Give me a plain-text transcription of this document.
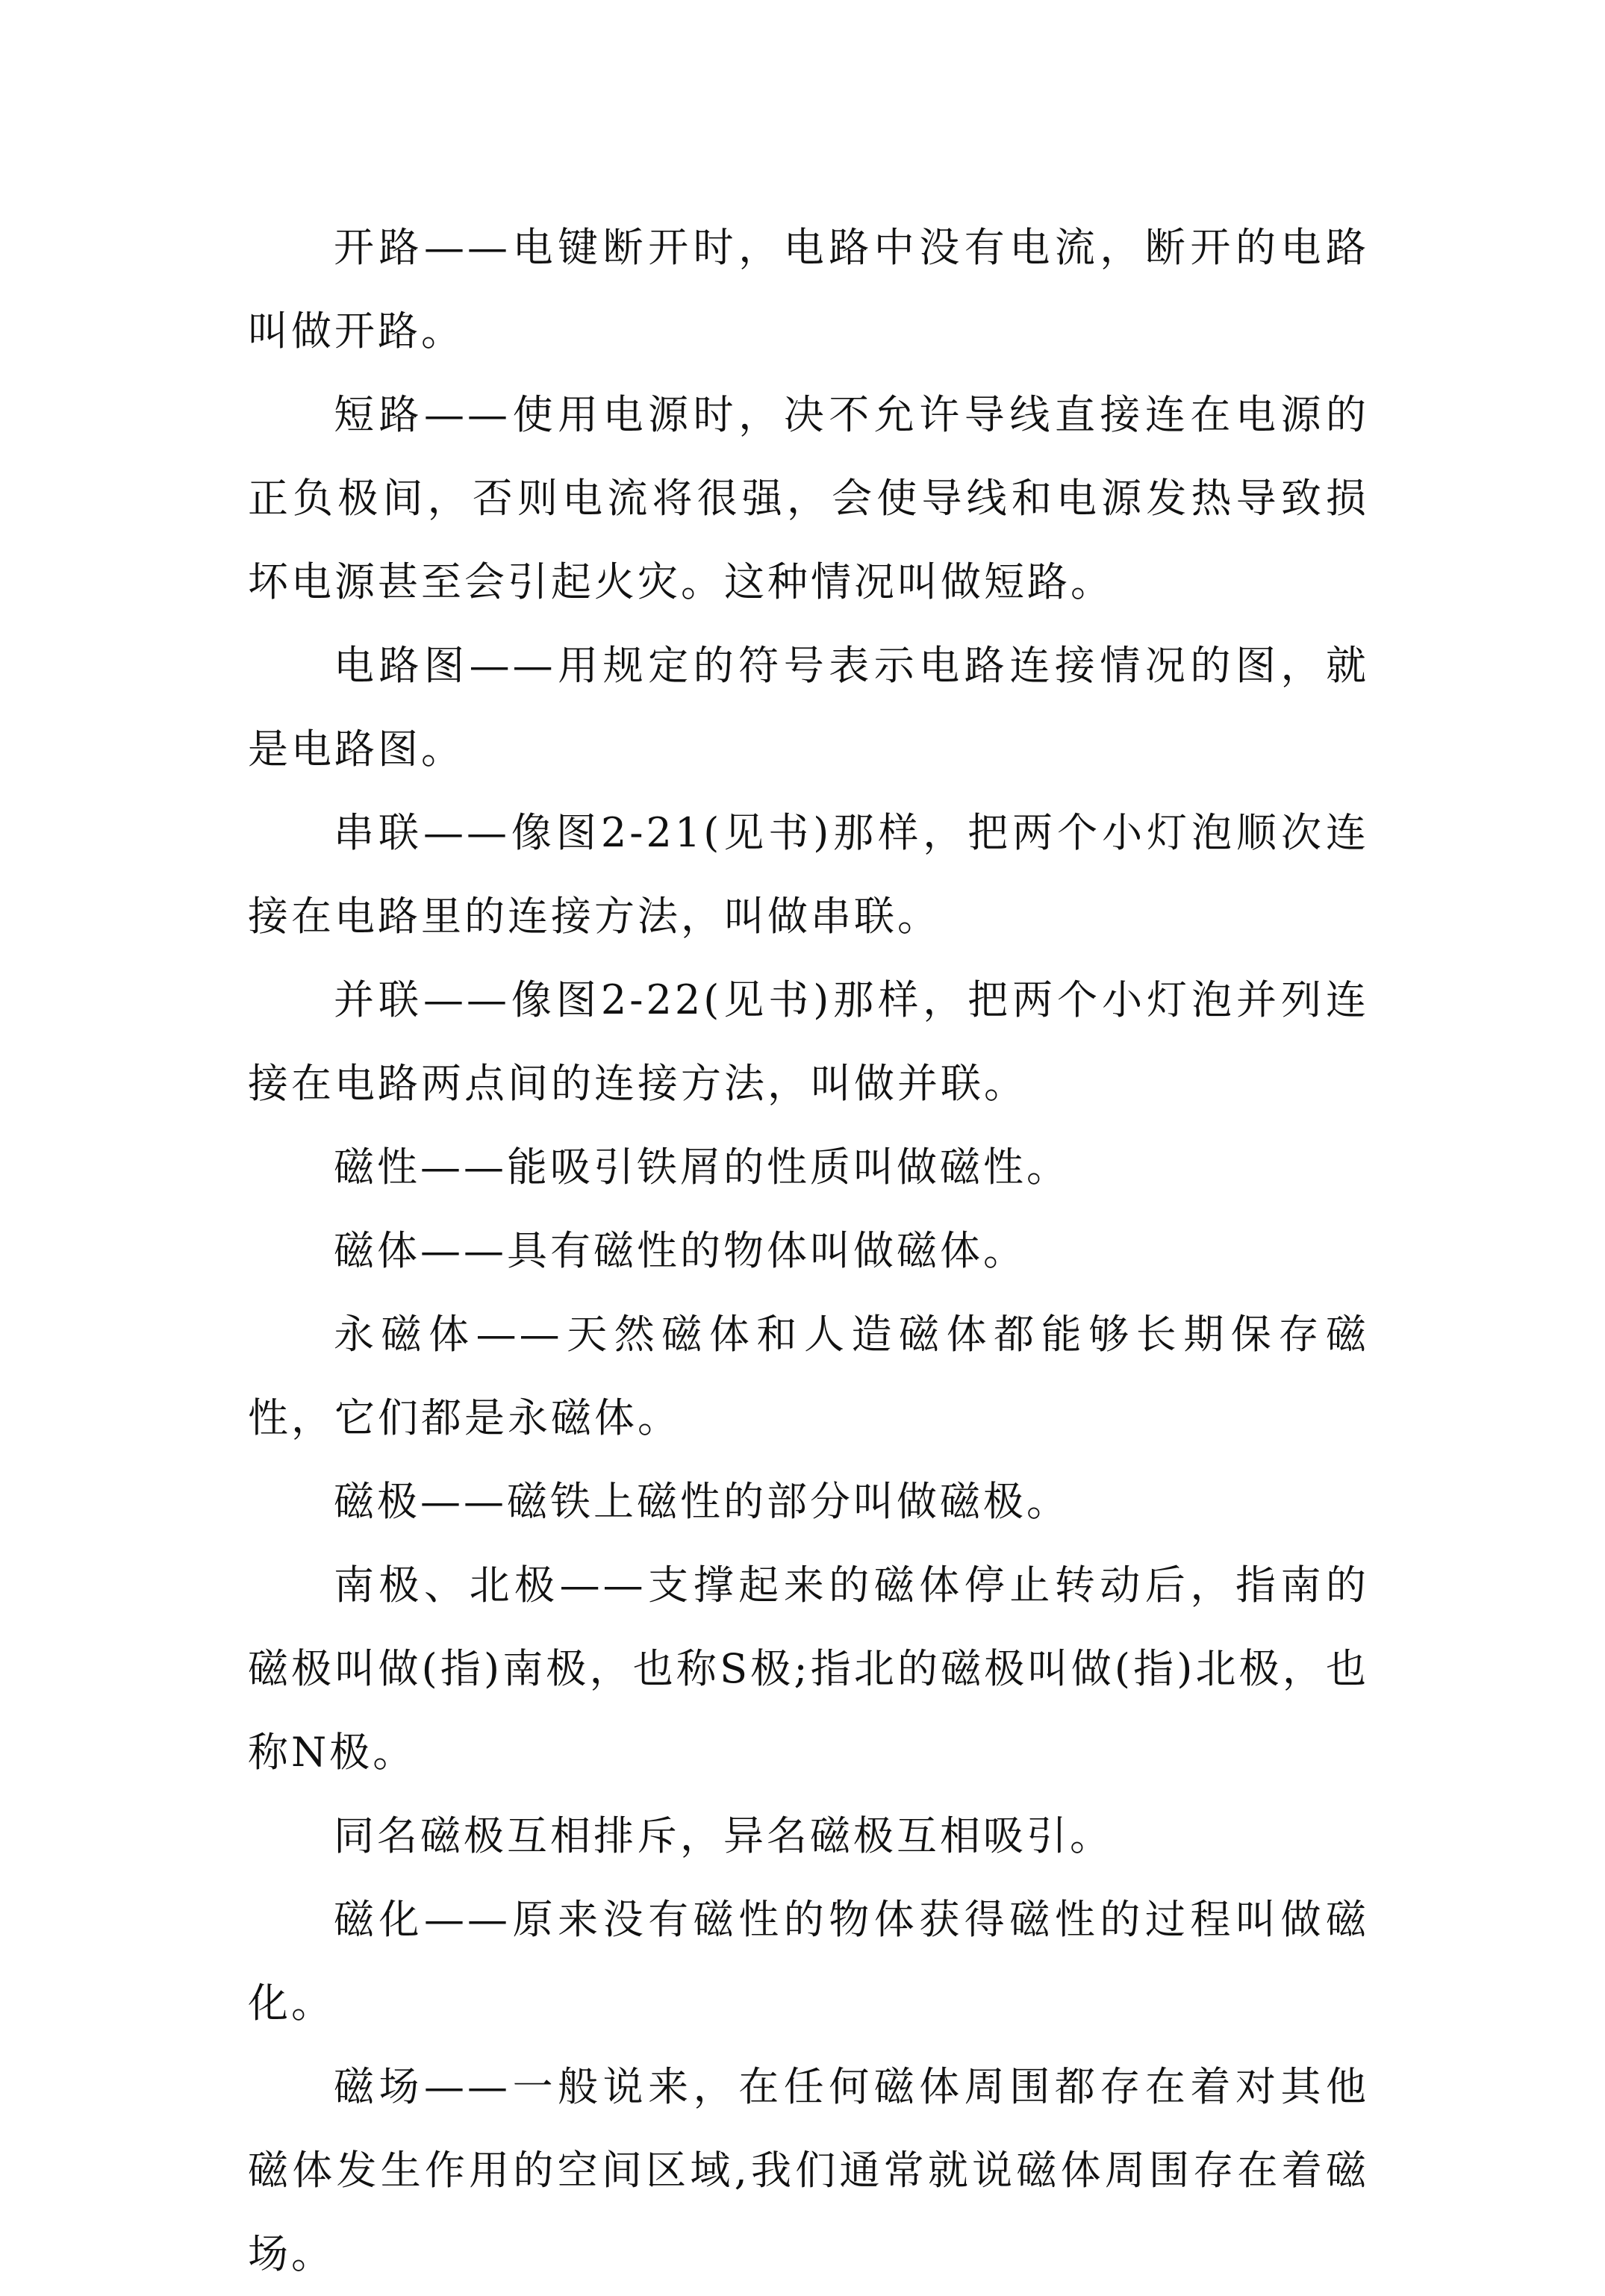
开路——电键断开时，电路中没有电流，断开的电路叫做开路。

短路——使用电源时，决不允许导线直接连在电源的正负极间，否则电流将很强，会使导线和电源发热导致损坏电源甚至会引起火灾。这种情况叫做短路。

电路图——用规定的符号表示电路连接情况的图，就是电路图。

串联——像图2-21(见书)那样，把两个小灯泡顺次连接在电路里的连接方法，叫做串联。

并联——像图2-22(见书)那样，把两个小灯泡并列连接在电路两点间的连接方法，叫做并联。

磁性——能吸引铁屑的性质叫做磁性。

磁体——具有磁性的物体叫做磁体。

永磁体——天然磁体和人造磁体都能够长期保存磁性，它们都是永磁体。

磁极——磁铁上磁性的部分叫做磁极。

南极、北极——支撑起来的磁体停止转动后，指南的磁极叫做(指)南极，也称S极;指北的磁极叫做(指)北极，也称N极。

同名磁极互相排斥，异名磁极互相吸引。

磁化——原来没有磁性的物体获得磁性的过程叫做磁化。

磁场——一般说来，在任何磁体周围都存在着对其他磁体发生作用的空间区域,我们通常就说磁体周围存在着磁场。
